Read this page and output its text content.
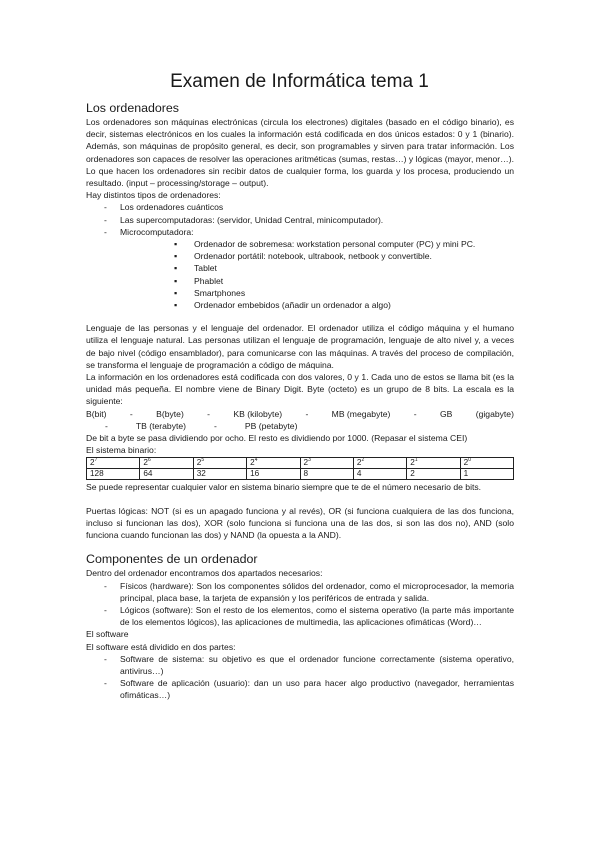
Examen de Informática tema 1
Los ordenadores

Los ordenadores son máquinas electrónicas (circula los electrones) digitales (basado en el código binario), es decir, sistemas electrónicos en los cuales la información está codificada en dos únicos estados: 0 y 1 (binario). Además, son máquinas de propósito general, es decir, son programables y sirven para tratar información. Los ordenadores son capaces de resolver las operaciones aritméticas (sumas, restas…) y lógicas (mayor, menor…). Lo que hacen los ordenadores sin recibir datos de cualquier forma, los guarda y los procesa, produciendo un resultado. (input – processing/storage – output).

Hay distintos tipos de ordenadores:

- Los ordenadores cuánticos
- Las supercomputadoras: (servidor, Unidad Central, minicomputador).
- Microcomputadora:
▪ Ordenador de sobremesa: workstation personal computer (PC) y mini PC.
▪ Ordenador portátil: notebook, ultrabook, netbook y convertible.
▪ Tablet
▪ Phablet
▪ Smartphones
▪ Ordenador embebidos (añadir un ordenador a algo)

Lenguaje de las personas y el lenguaje del ordenador. El ordenador utiliza el código máquina y el humano utiliza el lenguaje natural. Las personas utilizan el lenguaje de programación, lenguaje de alto nivel y, a veces de bajo nivel (código ensamblador), para comunicarse con las máquinas. A través del proceso de compilación, se transforma el lenguaje de programación a código de máquina.

La información en los ordenadores está codificada con dos valores, 0 y 1. Cada uno de estos se llama bit (es la unidad más pequeña. El nombre viene de Binary Digit. Byte (octeto) es un grupo de 8 bits. La escala es la siguiente:

B(bit)	-	B(byte)	-	KB (kilobyte)	-	MB (megabyte)	-	GB	(gigabyte)
-	TB (terabyte)	-	PB (petabyte)

De bit a byte se pasa dividiendo por ocho. El resto es dividiendo por 1000. (Repasar el sistema CEI)

El sistema binario:

$2^7$	$2^6$	$2^5$	$2^4$	$2^3$	$2^2$	$2^1$	$2^0$
128	64	32	16	8	4	2	1

Se puede representar cualquier valor en sistema binario siempre que te de el número necesario de bits.

Puertas lógicas: NOT (si es un apagado funciona y al revés), OR (si funciona cualquiera de las dos funciona, incluso si funcionan las dos), XOR (solo funciona si funciona una de las dos, si son las dos no), AND (solo funciona cuando funcionan las dos) y NAND (la opuesta a la AND).

Componentes de un ordenador

Dentro del ordenador encontramos dos apartados necesarios:

- Físicos (hardware): Son los componentes sólidos del ordenador, como el microprocesador, la memoria principal, placa base, la tarjeta de expansión y los periféricos de entrada y salida.
- Lógicos (software): Son el resto de los elementos, como el sistema operativo (la parte más importante de los elementos lógicos), las aplicaciones de multimedia, las aplicaciones ofimáticas (Word)…

El software

El software está dividido en dos partes:

- Software de sistema: su objetivo es que el ordenador funcione correctamente (sistema operativo, antivirus…)
- Software de aplicación (usuario): dan un uso para hacer algo productivo (navegador, herramientas ofimáticas…)
